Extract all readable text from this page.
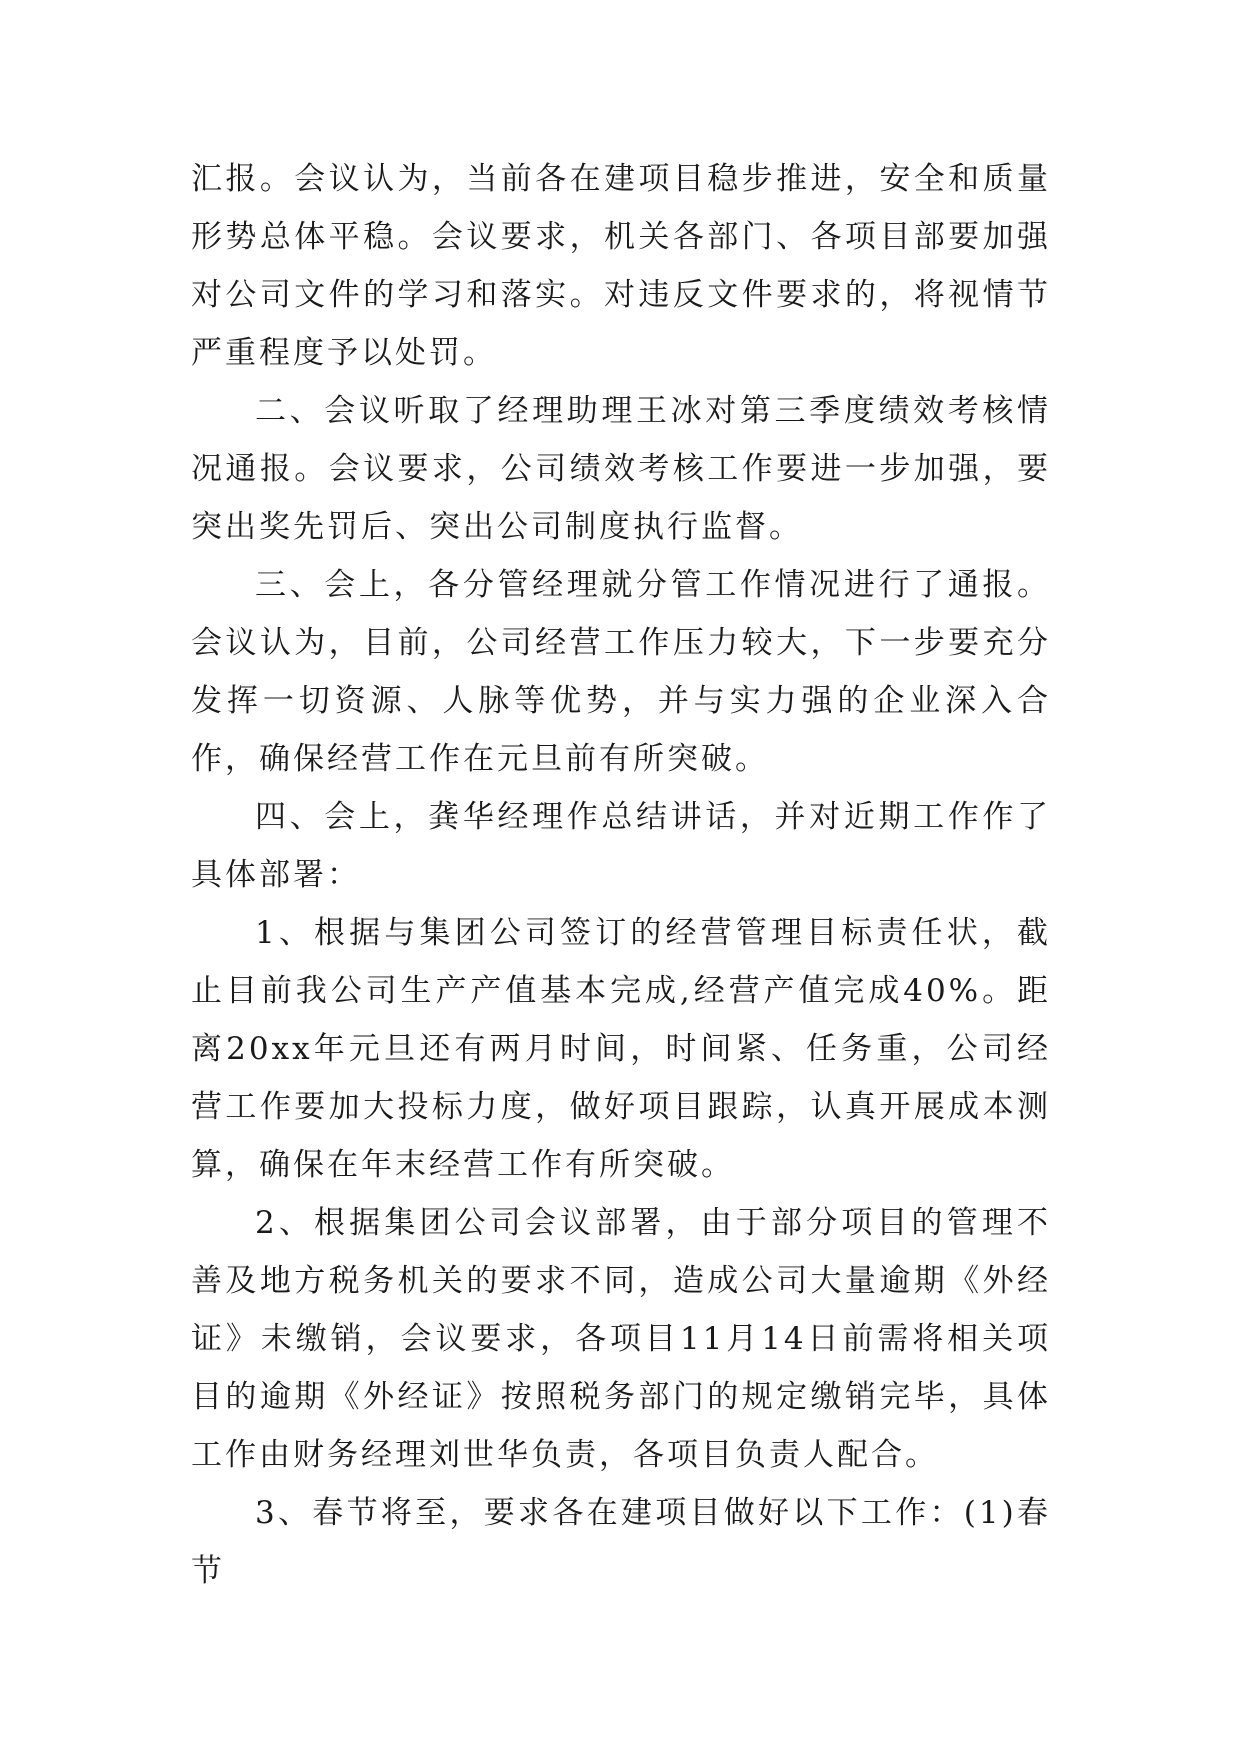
汇报。会议认为，当前各在建项目稳步推进，安全和质量形势总体平稳。会议要求，机关各部门、各项目部要加强对公司文件的学习和落实。对违反文件要求的，将视情节严重程度予以处罚。

二、会议听取了经理助理王冰对第三季度绩效考核情况通报。会议要求，公司绩效考核工作要进一步加强，要突出奖先罚后、突出公司制度执行监督。

三、会上，各分管经理就分管工作情况进行了通报。会议认为，目前，公司经营工作压力较大，下一步要充分发挥一切资源、人脉等优势，并与实力强的企业深入合作，确保经营工作在元旦前有所突破。

四、会上，龚华经理作总结讲话，并对近期工作作了具体部署：

1、根据与集团公司签订的经营管理目标责任状，截止目前我公司生产产值基本完成,经营产值完成40%。距离20xx年元旦还有两月时间，时间紧、任务重，公司经营工作要加大投标力度，做好项目跟踪，认真开展成本测算，确保在年末经营工作有所突破。

2、根据集团公司会议部署，由于部分项目的管理不善及地方税务机关的要求不同，造成公司大量逾期《外经证》未缴销，会议要求，各项目11月14日前需将相关项目的逾期《外经证》按照税务部门的规定缴销完毕，具体工作由财务经理刘世华负责，各项目负责人配合。

3、春节将至，要求各在建项目做好以下工作：(1)春节
